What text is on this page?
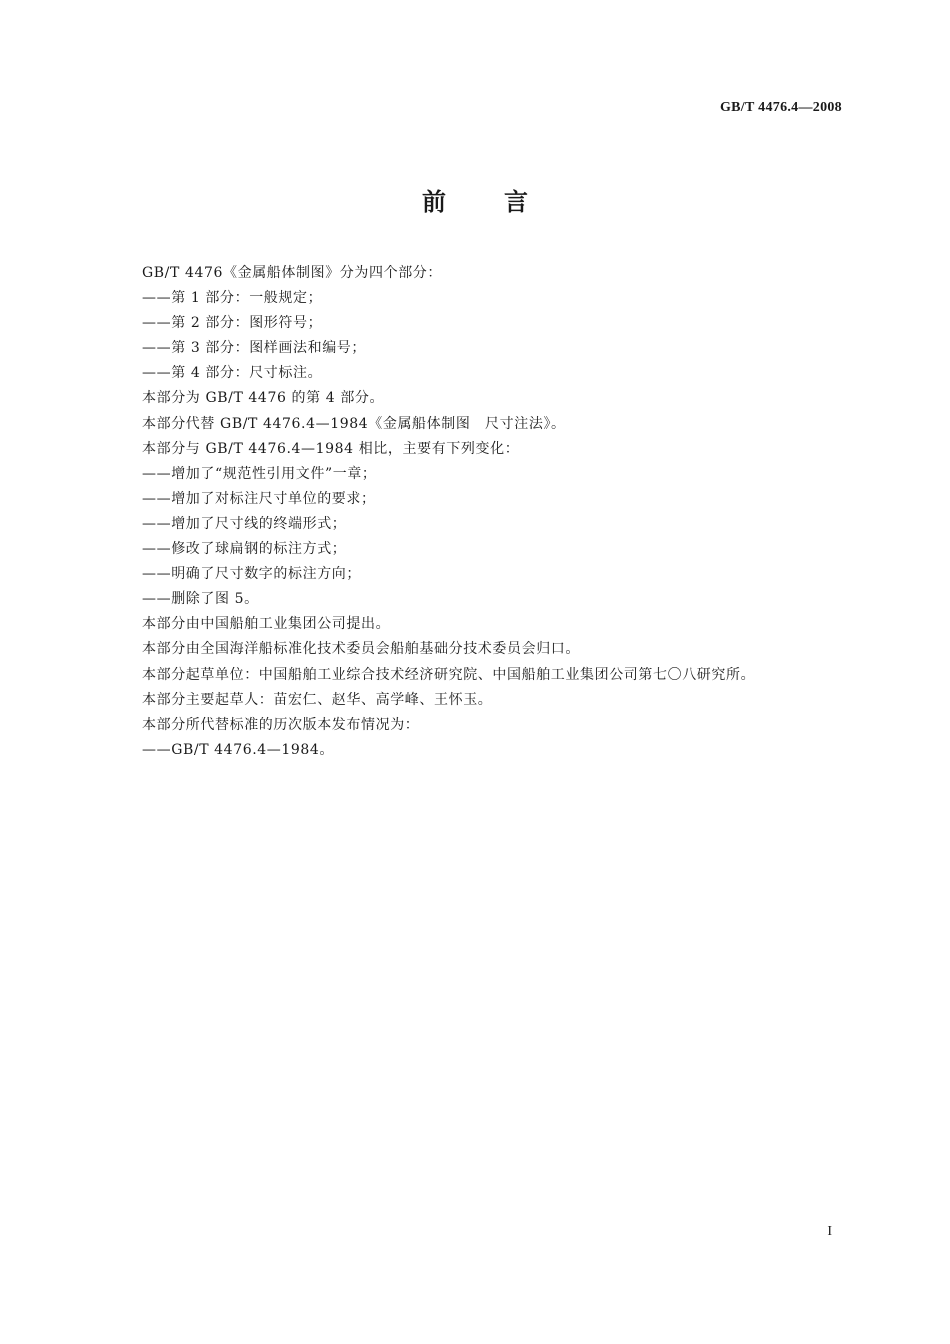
GB/T 4476.4—2008
前言
GB/T 4476《金属船体制图》分为四个部分：
——第 1 部分：一般规定；
——第 2 部分：图形符号；
——第 3 部分：图样画法和编号；
——第 4 部分：尺寸标注。
本部分为 GB/T 4476 的第 4 部分。
本部分代替 GB/T 4476.4—1984《金属船体制图　尺寸注法》。
本部分与 GB/T 4476.4—1984 相比，主要有下列变化：
——增加了“规范性引用文件”一章；
——增加了对标注尺寸单位的要求；
——增加了尺寸线的终端形式；
——修改了球扁钢的标注方式；
——明确了尺寸数字的标注方向；
——删除了图 5。
本部分由中国船舶工业集团公司提出。
本部分由全国海洋船标准化技术委员会船舶基础分技术委员会归口。
本部分起草单位：中国船舶工业综合技术经济研究院、中国船舶工业集团公司第七〇八研究所。
本部分主要起草人：苗宏仁、赵华、高学峰、王怀玉。
本部分所代替标准的历次版本发布情况为：
——GB/T 4476.4—1984。
I
